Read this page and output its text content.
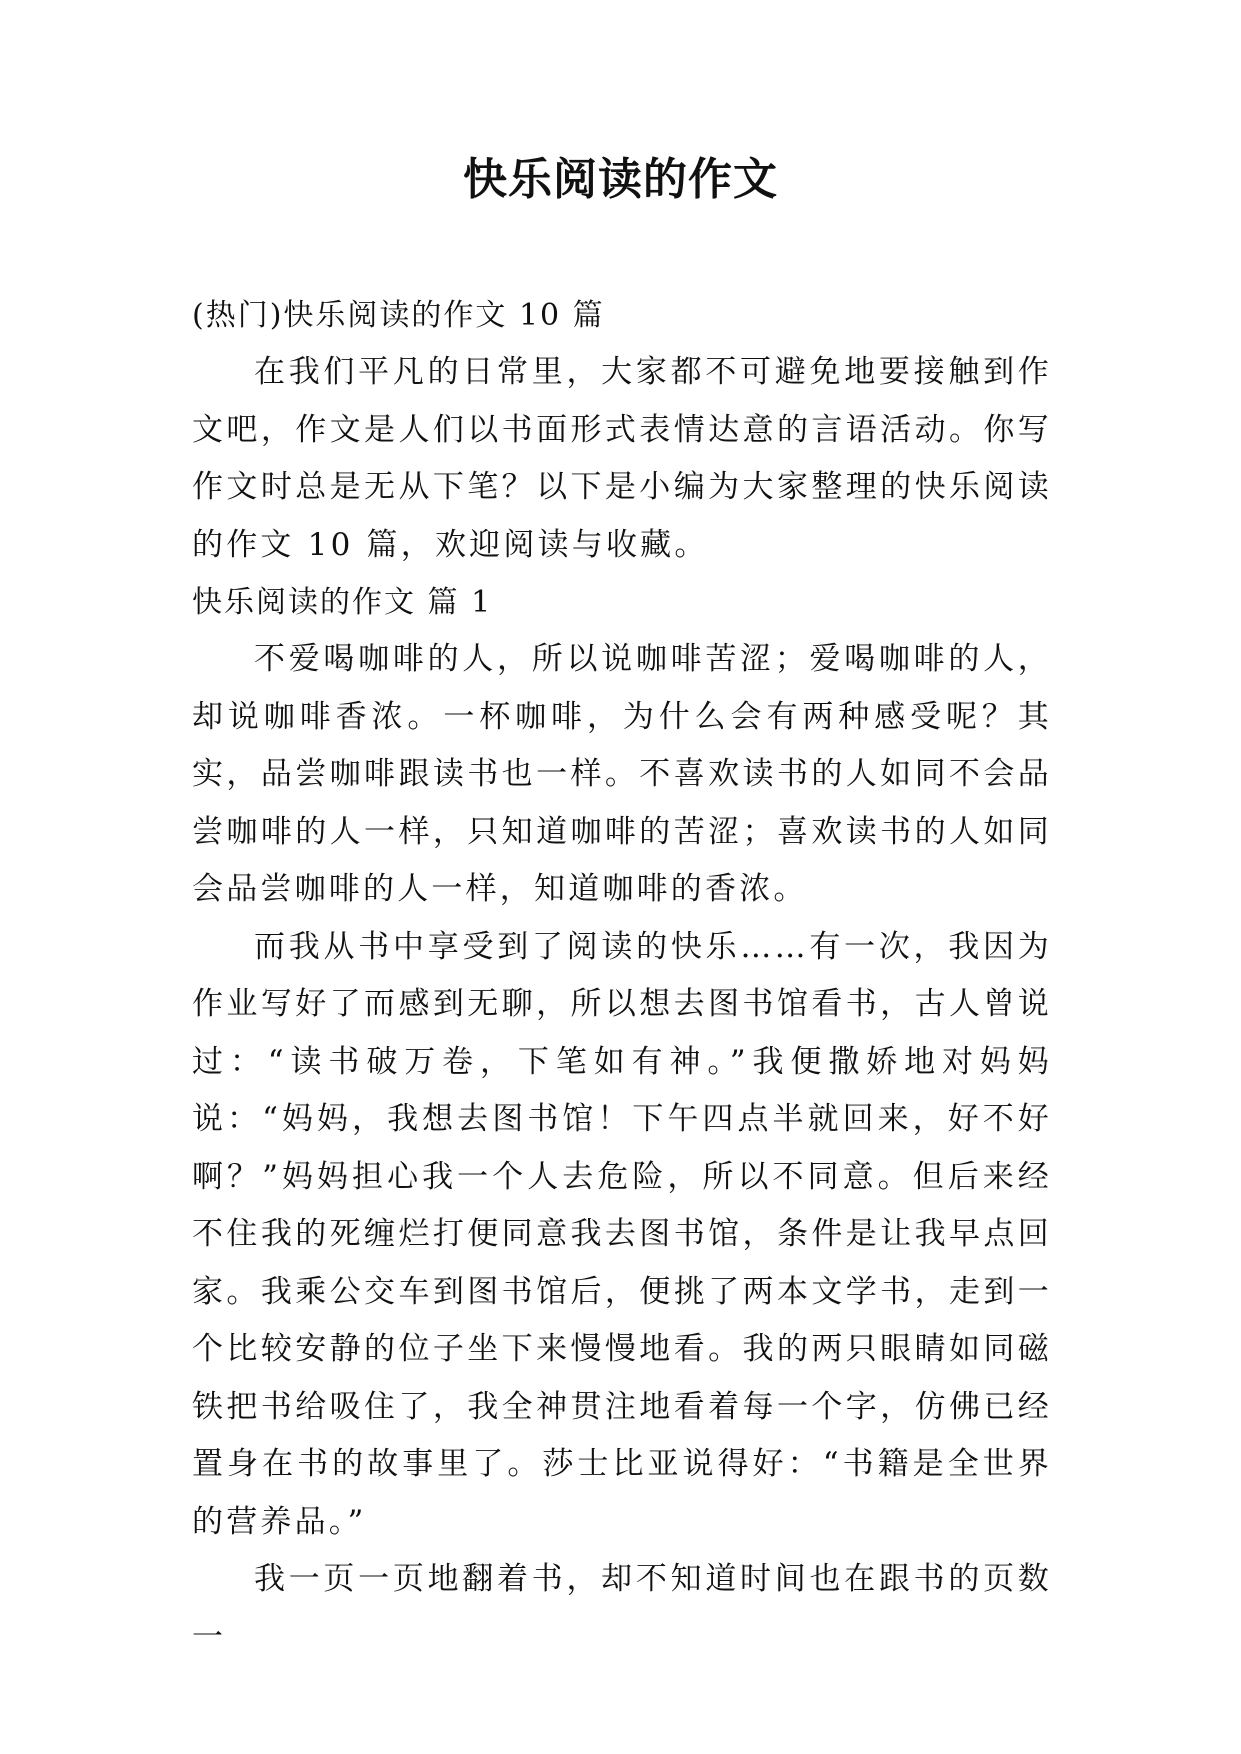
快乐阅读的作文

(热门)快乐阅读的作文 10 篇

在我们平凡的日常里，大家都不可避免地要接触到作文吧，作文是人们以书面形式表情达意的言语活动。你写作文时总是无从下笔？以下是小编为大家整理的快乐阅读的作文 10 篇，欢迎阅读与收藏。

快乐阅读的作文 篇 1

不爱喝咖啡的人，所以说咖啡苦涩；爱喝咖啡的人，却说咖啡香浓。一杯咖啡，为什么会有两种感受呢？其实，品尝咖啡跟读书也一样。不喜欢读书的人如同不会品尝咖啡的人一样，只知道咖啡的苦涩；喜欢读书的人如同会品尝咖啡的人一样，知道咖啡的香浓。

而我从书中享受到了阅读的快乐……有一次，我因为作业写好了而感到无聊，所以想去图书馆看书，古人曾说过：“读书破万卷，下笔如有神。”我便撒娇地对妈妈说：“妈妈，我想去图书馆！下午四点半就回来，好不好啊？”妈妈担心我一个人去危险，所以不同意。但后来经不住我的死缠烂打便同意我去图书馆，条件是让我早点回家。我乘公交车到图书馆后，便挑了两本文学书，走到一个比较安静的位子坐下来慢慢地看。我的两只眼睛如同磁铁把书给吸住了，我全神贯注地看着每一个字，仿佛已经置身在书的故事里了。莎士比亚说得好：“书籍是全世界的营养品。”

我一页一页地翻着书，却不知道时间也在跟书的页数一
